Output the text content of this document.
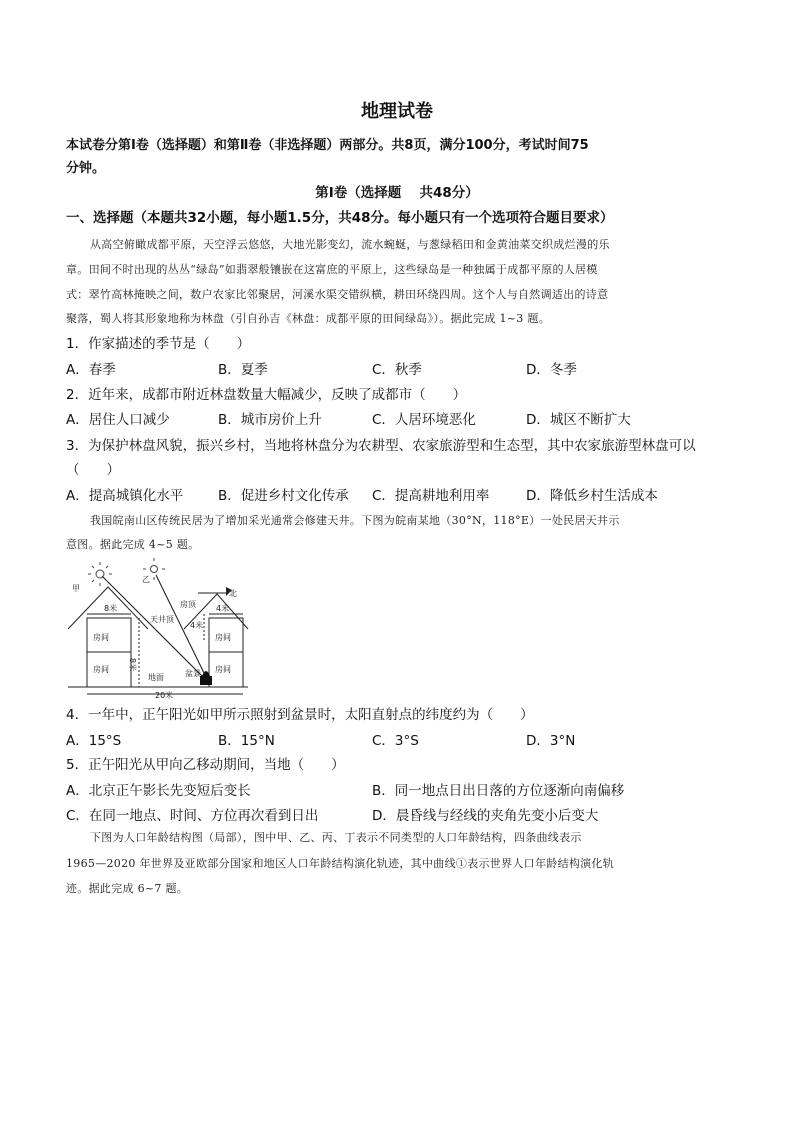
地理试卷
本试卷分第Ⅰ卷（选择题）和第Ⅱ卷（非选择题）两部分。共8页，满分100分，考试时间75
分钟。
第Ⅰ卷（选择题　 共48分）
一、选择题（本题共32小题，每小题1.5分，共48分。每小题只有一个选项符合题目要求）
从高空俯瞰成都平原，天空浮云悠悠，大地光影变幻，流水蜿蜒，与葱绿稻田和金黄油菜交织成烂漫的乐
章。田间不时出现的丛丛“绿岛”如翡翠般镶嵌在这富庶的平原上，这些绿岛是一种独属于成都平原的人居模
式：翠竹高林掩映之间，数户农家比邻聚居，河溪水渠交错纵横，耕田环绕四周。这个人与自然调适出的诗意
聚落，蜀人将其形象地称为林盘（引自孙吉《林盘：成都平原的田间绿岛》）。据此完成 1~3 题。
1．作家描述的季节是（　　）
A．春季	B．夏季	C．秋季	D．冬季
2．近年来，成都市附近林盘数量大幅减少，反映了成都市（　　）
A．居住人口减少	B．城市房价上升	C．人居环境恶化	D．城区不断扩大
3．为保护林盘风貌，振兴乡村，当地将林盘分为农耕型、农家旅游型和生态型，其中农家旅游型林盘可以
（　　）
A．提高城镇化水平	B．促进乡村文化传承 C．提高耕地利用率	D．降低乡村生活成本
我国皖南山区传统民居为了增加采光通常会修建天井。下图为皖南某地（30°N，118°E）一处民居天井示
意图。据此完成 4~5 题。
甲
乙
北
房顶
天井顶
8米	4米
8米
4米
房间
房间
房间
房间
地面	盆景
20米
4．一年中，正午阳光如甲所示照射到盆景时，太阳直射点的纬度约为（　　）
A．15°S	B．15°N	C．3°S	D．3°N
5．正午阳光从甲向乙移动期间，当地（　　）
A．北京正午影长先变短后变长	B．同一地点日出日落的方位逐渐向南偏移
C．在同一地点、时间、方位再次看到日出	D．晨昏线与经线的夹角先变小后变大
下图为人口年龄结构图（局部），图中甲、乙、丙、丁表示不同类型的人口年龄结构，四条曲线表示
1965—2020 年世界及亚欧部分国家和地区人口年龄结构演化轨迹，其中曲线①表示世界人口年龄结构演化轨
迹。据此完成 6~7 题。
